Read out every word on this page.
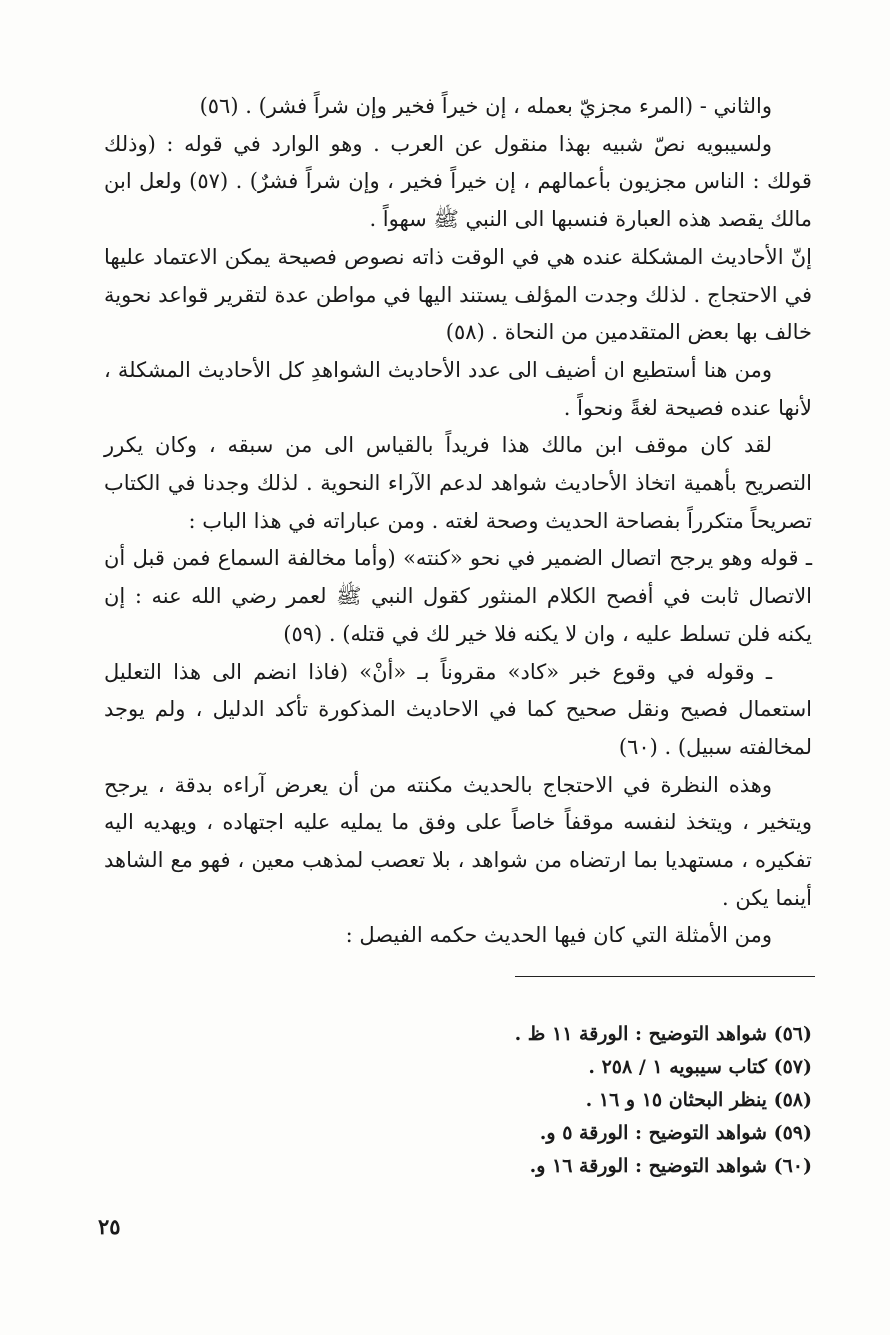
والثاني - (المرء مجزيّ بعمله ، إن خيراً فخير وإن شراً فشر) . (٥٦)

ولسيبويه نصّ شبيه بهذا منقول عن العرب . وهو الوارد في قوله : (وذلك قولك : الناس مجزيون بأعمالهم ، إن خيراً فخير ، وإن شراً فشرٌ) . (٥٧) ولعل ابن مالك يقصد هذه العبارة فنسبها الى النبي ﷺ سهواً .

إنّ الأحاديث المشكلة عنده هي في الوقت ذاته نصوص فصيحة يمكن الاعتماد عليها في الاحتجاج . لذلك وجدت المؤلف يستند اليها في مواطن عدة لتقرير قواعد نحوية خالف بها بعض المتقدمين من النحاة . (٥٨)

ومن هنا أستطيع ان أضيف الى عدد الأحاديث الشواهدِ كل الأحاديث المشكلة ، لأنها عنده فصيحة لغةً ونحواً .

لقد كان موقف ابن مالك هذا فريداً بالقياس الى من سبقه ، وكان يكرر التصريح بأهمية اتخاذ الأحاديث شواهد لدعم الآراء النحوية . لذلك وجدنا في الكتاب تصريحاً متكرراً بفصاحة الحديث وصحة لغته . ومن عباراته في هذا الباب :

ـ قوله وهو يرجح اتصال الضمير في نحو «كنته» (وأما مخالفة السماع فمن قبل أن الاتصال ثابت في أفصح الكلام المنثور كقول النبي ﷺ لعمر رضي الله عنه : إن يكنه فلن تسلط عليه ، وان لا يكنه فلا خير لك في قتله) . (٥٩)

ـ وقوله في وقوع خبر «كاد» مقروناً بـ «أنْ» (فاذا انضم الى هذا التعليل استعمال فصيح ونقل صحيح كما في الاحاديث المذكورة تأكد الدليل ، ولم يوجد لمخالفته سبيل) . (٦٠)

وهذه النظرة في الاحتجاج بالحديث مكنته من أن يعرض آراءه بدقة ، يرجح ويتخير ، ويتخذ لنفسه موقفاً خاصاً على وفق ما يمليه عليه اجتهاده ، ويهديه اليه تفكيره ، مستهديا بما ارتضاه من شواهد ، بلا تعصب لمذهب معين ، فهو مع الشاهد أينما يكن .

ومن الأمثلة التي كان فيها الحديث حكمه الفيصل :

(٥٦) شواهد التوضيح : الورقة ١١ ظ .
(٥٧) كتاب سيبويه ١ / ٢٥٨ .
(٥٨) ينظر البحثان ١٥ و ١٦ .
(٥٩) شواهد التوضيح : الورقة ٥ و.
(٦٠) شواهد التوضيح : الورقة ١٦ و.
٢٥
